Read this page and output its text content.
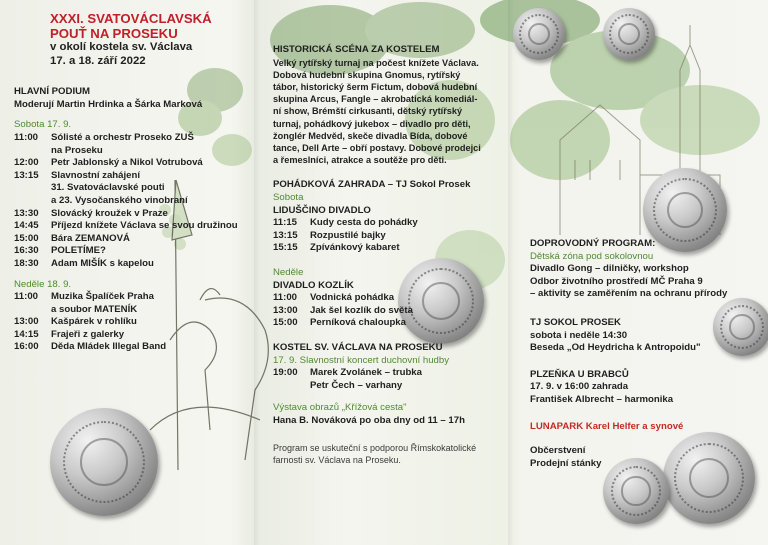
XXXI. SVATOVÁCLAVSKÁ
POUŤ NA PROSEKU
v okolí kostela sv. Václava
17. a 18. září 2022
HLAVNÍ PODIUM
Moderují Martin Hrdinka a Šárka Marková
Sobota 17. 9.
11:00	Sólisté a orchestr Proseko ZUŠ
na Proseku
12:00	Petr Jablonský a Nikol Votrubová
13:15	Slavnostní zahájení
31. Svatováclavské pouti
a 23. Vysočanského vinobraní
13:30	Slovácký kroužek v Praze
14:45	Příjezd knížete Václava se svou družinou
15:00	Bára ZEMANOVÁ
16:30	POLETÍME?
18:30	Adam MIŠÍK s kapelou
Neděle 18. 9.
11:00	Muzika Špalíček Praha
a soubor MATENÍK
13:00	Kašpárek v rohlíku
14:15	Frajeři z galerky
16:00	Děda Mládek Illegal Band
HISTORICKÁ SCÉNA ZA KOSTELEM
Velký rytířský turnaj na počest knížete Václava.
Dobová hudební skupina Gnomus, rytířský
tábor, historický šerm Fictum, dobová hudební
skupina Arcus, Fangle – akrobatická komediál-
ní show, Brémští cirkusanti, dětský rytířský
turnaj, pohádkový jukebox – divadlo pro děti,
žonglér Medvěd, skeče divadla Bída, dobové
tance, Dell Arte – obří postavy. Dobové prodejci
a řemeslníci, atrakce a soutěže pro děti.
POHÁDKOVÁ ZAHRADA – TJ Sokol Prosek
Sobota
LIDUŠČINO DIVADLO
11:15	Kudy cesta do pohádky
13:15	Rozpustilé bajky
15:15	Zpívánkový kabaret
Neděle
DIVADLO KOZLÍK
11:00	Vodnická pohádka
13:00	Jak šel kozlík do světa
15:00	Perníková chaloupka
KOSTEL SV. VÁCLAVA NA PROSEKU
17. 9. Slavnostní koncert duchovní hudby
19:00	Marek Zvolánek – trubka
Petr Čech – varhany
Výstava obrazů „Křížová cesta"
Hana B. Nováková po oba dny od 11 – 17h
Program se uskuteční s podporou Římskokatolické
farnosti sv. Václava na Proseku.
DOPROVODNÝ PROGRAM:
Dětská zóna pod sokolovnou
Divadlo Gong – dilničky, workshop
Odbor životního prostředí MČ Praha 9
– aktivity se zaměřením na ochranu přírody
TJ SOKOL PROSEK
sobota i neděle 14:30
Beseda „Od Heydricha k Antropoidu"
PLZEŇKA U BRABCŮ
17. 9. v 16:00 zahrada
František Albrecht – harmonika
LUNAPARK Karel Helfer a synové
Občerstvení
Prodejní stánky
